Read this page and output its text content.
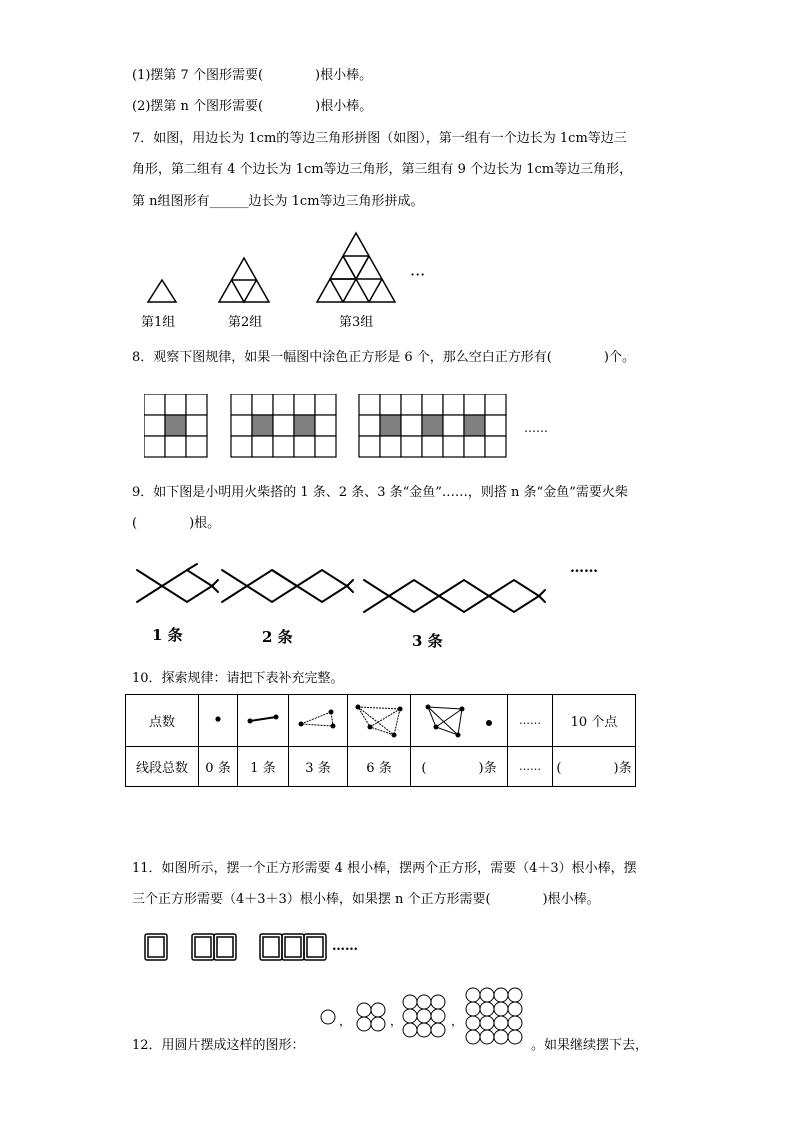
(1)摆第 7 个图形需要(　　　　)根小棒。
(2)摆第 n 个图形需要(　　　　)根小棒。
7．如图，用边长为 1cm的等边三角形拼图（如图），第一组有一个边长为 1cm等边三
角形，第二组有 4 个边长为 1cm等边三角形，第三组有 9 个边长为 1cm等边三角形，
第 n组图形有______边长为 1cm等边三角形拼成。
···
第1组	第2组	第3组
8．观察下图规律，如果一幅图中涂色正方形是 6 个，那么空白正方形有(　　　　)个。
……
9．如下图是小明用火柴搭的 1 条、2 条、3 条“金鱼”……，则搭 n 条“金鱼”需要火柴
(　　　　)根。
1 条	2 条	3 条
……
10．探索规律：请把下表补充完整。
点数						……	10 个点
线段总数	0 条	1 条	3 条	6 条	(　　　　)条	……	(　　　　)条
11．如图所示，摆一个正方形需要 4 根小棒，摆两个正方形，需要（4＋3）根小棒，摆
三个正方形需要（4＋3＋3）根小棒，如果摆 n 个正方形需要(　　　　)根小棒。
……
，	，	，
12．用圆片摆成这样的图形：	。如果继续摆下去，
